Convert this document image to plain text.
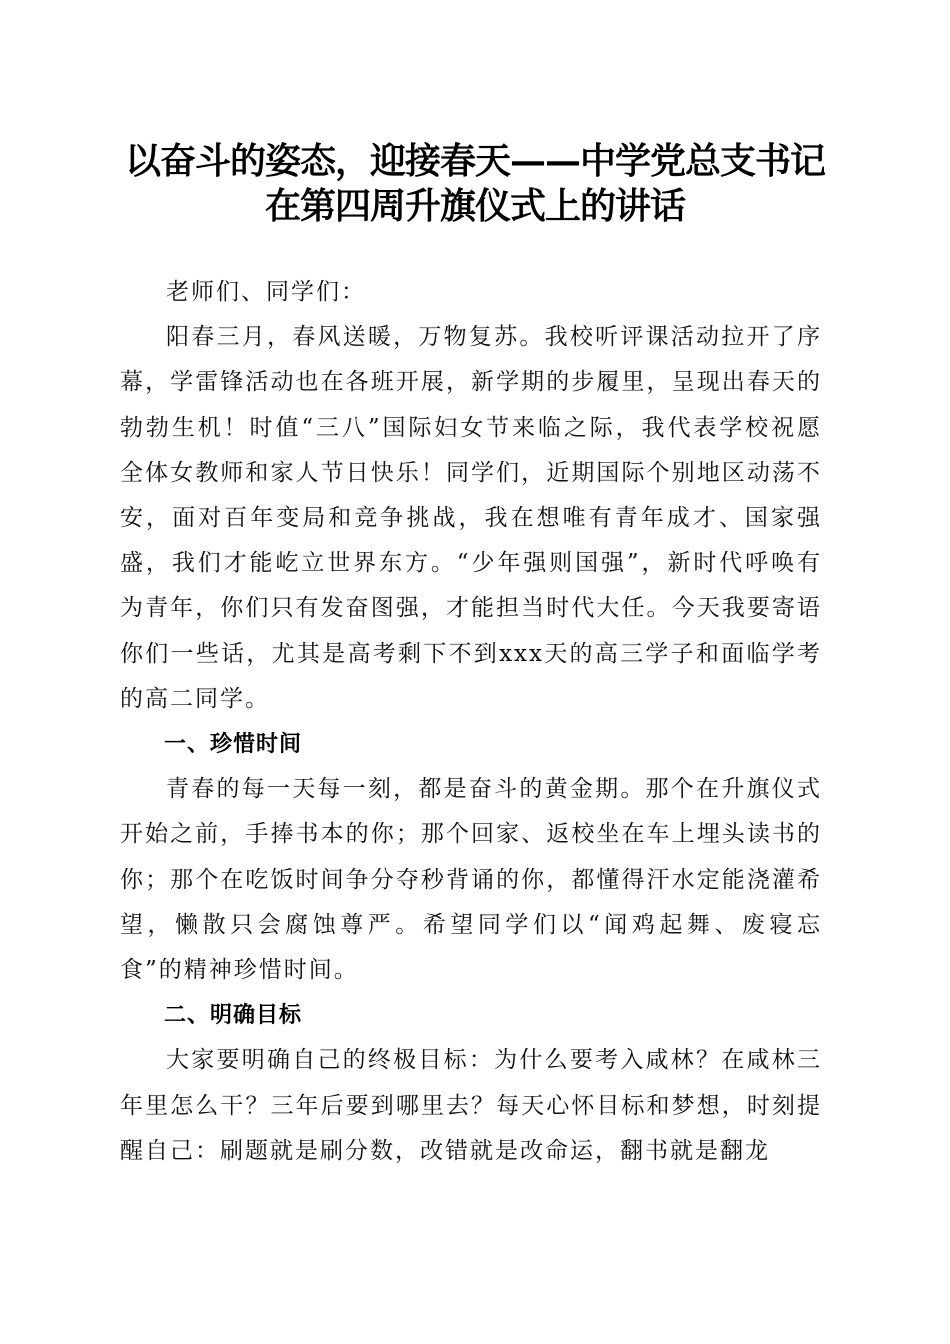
以奋斗的姿态，迎接春天——中学党总支书记
在第四周升旗仪式上的讲话

老师们、同学们：

阳春三月，春风送暖，万物复苏。我校听评课活动拉开了序幕，学雷锋活动也在各班开展，新学期的步履里，呈现出春天的勃勃生机！时值“三八”国际妇女节来临之际，我代表学校祝愿全体女教师和家人节日快乐！同学们，近期国际个别地区动荡不安，面对百年变局和竞争挑战，我在想唯有青年成才、国家强盛，我们才能屹立世界东方。“少年强则国强”，新时代呼唤有为青年，你们只有发奋图强，才能担当时代大任。今天我要寄语你们一些话，尤其是高考剩下不到xxx天的高三学子和面临学考的高二同学。

一、珍惜时间

青春的每一天每一刻，都是奋斗的黄金期。那个在升旗仪式开始之前，手捧书本的你；那个回家、返校坐在车上埋头读书的你；那个在吃饭时间争分夺秒背诵的你，都懂得汗水定能浇灌希望，懒散只会腐蚀尊严。希望同学们以“闻鸡起舞、废寝忘食”的精神珍惜时间。

二、明确目标

大家要明确自己的终极目标：为什么要考入咸林？在咸林三年里怎么干？三年后要到哪里去？每天心怀目标和梦想，时刻提醒自己：刷题就是刷分数，改错就是改命运，翻书就是翻龙
